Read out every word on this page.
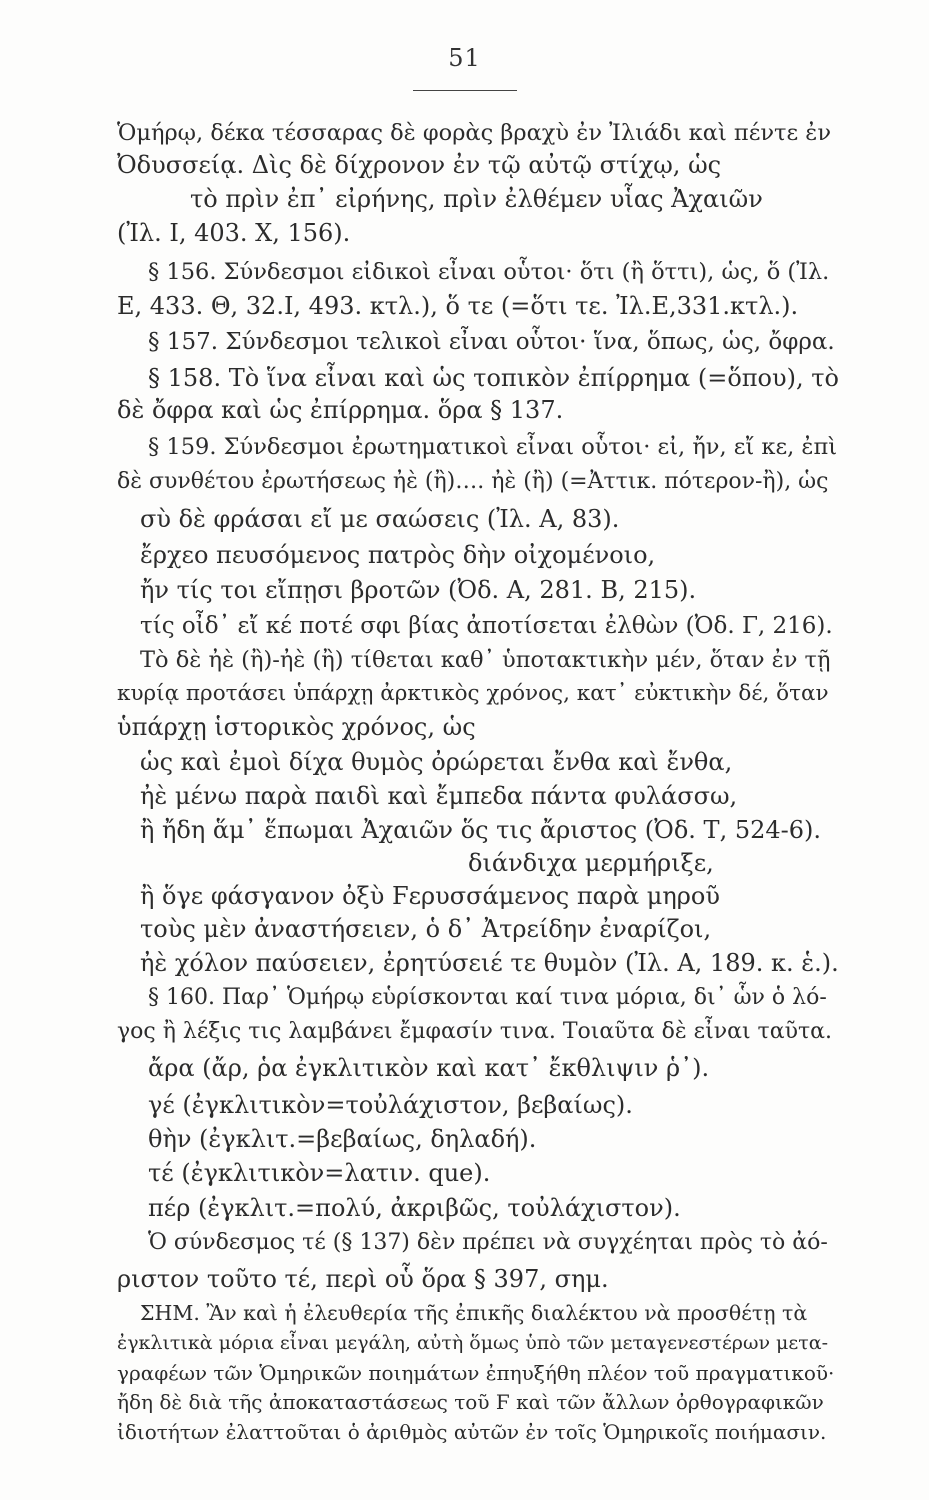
51
Ὁμήρῳ, δέκα τέσσαρας δὲ φορὰς βραχὺ ἐν Ἰλιάδι καὶ πέντε ἐν
Ὀδυσσείᾳ. Δὶς δὲ δίχρονον ἐν τῷ αὐτῷ στίχῳ, ὡς
τὸ πρὶν ἐπ᾿ εἰρήνης, πρὶν ἐλθέμεν υἷας Ἀχαιῶν
(Ἰλ. Ι, 403. Χ, 156).
§ 156. Σύνδεσμοι εἰδικοὶ εἶναι οὗτοι· ὅτι (ἢ ὅττι), ὡς, ὅ (Ἰλ.
Ε, 433. Θ, 32.Ι, 493. κτλ.), ὅ τε (=ὅτι τε. Ἰλ.Ε,331.κτλ.).
§ 157. Σύνδεσμοι τελικοὶ εἶναι οὗτοι· ἵνα, ὅπως, ὡς, ὄφρα.
§ 158. Τὸ ἵνα εἶναι καὶ ὡς τοπικὸν ἐπίρρημα (=ὅπου), τὸ
δὲ ὄφρα καὶ ὡς ἐπίρρημα. ὅρα § 137.
§ 159. Σύνδεσμοι ἐρωτηματικοὶ εἶναι οὗτοι· εἰ, ἤν, εἴ κε, ἐπὶ
δὲ συνθέτου ἐρωτήσεως ἠὲ (ἢ)…. ἠὲ (ἢ) (=Ἀττικ. πότερον-ἢ), ὡς
σὺ δὲ φράσαι εἴ με σαώσεις (Ἰλ. Α, 83).
ἔρχεο πευσόμενος πατρὸς δὴν οἰχομένοιο,
ἤν τίς τοι εἴπῃσι βροτῶν (Ὀδ. Α, 281. Β, 215).
τίς οἶδ᾿ εἴ κέ ποτέ σφι βίας ἀποτίσεται ἐλθὼν (Ὀδ. Γ, 216).
Τὸ δὲ ἠὲ (ἢ)-ἠὲ (ἢ) τίθεται καθ᾿ ὑποτακτικὴν μέν, ὅταν ἐν τῇ
κυρίᾳ προτάσει ὑπάρχῃ ἀρκτικὸς χρόνος, κατ᾿ εὐκτικὴν δέ, ὅταν
ὑπάρχῃ ἱστορικὸς χρόνος, ὡς
ὡς καὶ ἐμοὶ δίχα θυμὸς ὀρώρεται ἔνθα καὶ ἔνθα,
ἠὲ μένω παρὰ παιδὶ καὶ ἔμπεδα πάντα φυλάσσω,
ἢ ἤδη ἅμ᾿ ἕπωμαι Ἀχαιῶν ὅς τις ἄριστος (Ὀδ. Τ, 524-6).
διάνδιχα μερμήριξε,
ἢ ὅγε φάσγανον ὀξὺ Ϝερυσσάμενος παρὰ μηροῦ
τοὺς μὲν ἀναστήσειεν, ὁ δ᾿ Ἀτρείδην ἐναρίζοι,
ἠὲ χόλον παύσειεν, ἐρητύσειέ τε θυμὸν (Ἰλ. Α, 189. κ. ἑ.).
§ 160. Παρ᾿ Ὁμήρῳ εὑρίσκονται καί τινα μόρια, δι᾿ ὧν ὁ λό-
γος ἢ λέξις τις λαμβάνει ἔμφασίν τινα. Τοιαῦτα δὲ εἶναι ταῦτα.
ἄρα (ἄρ, ῥα ἐγκλιτικὸν καὶ κατ᾿ ἔκθλιψιν ῥ᾿).
γέ (ἐγκλιτικὸν=τοὐλάχιστον, βεβαίως).
θὴν (ἐγκλιτ.=βεβαίως, δηλαδή).
τέ (ἐγκλιτικὸν=λατιν. que).
πέρ (ἐγκλιτ.=πολύ, ἀκριβῶς, τοὐλάχιστον).
Ὁ σύνδεσμος τέ (§ 137) δὲν πρέπει νὰ συγχέηται πρὸς τὸ ἀό-
ριστον τοῦτο τέ, περὶ οὗ ὅρα § 397, σημ.
ΣΗΜ. Ἂν καὶ ἡ ἐλευθερία τῆς ἐπικῆς διαλέκτου νὰ προσθέτῃ τὰ
ἐγκλιτικὰ μόρια εἶναι μεγάλη, αὐτὴ ὅμως ὑπὸ τῶν μεταγενεστέρων μετα-
γραφέων τῶν Ὁμηρικῶν ποιημάτων ἐπηυξήθη πλέον τοῦ πραγματικοῦ·
ἤδη δὲ διὰ τῆς ἀποκαταστάσεως τοῦ Ϝ καὶ τῶν ἄλλων ὀρθογραφικῶν
ἰδιοτήτων ἐλαττοῦται ὁ ἀριθμὸς αὐτῶν ἐν τοῖς Ὁμηρικοῖς ποιήμασιν.
